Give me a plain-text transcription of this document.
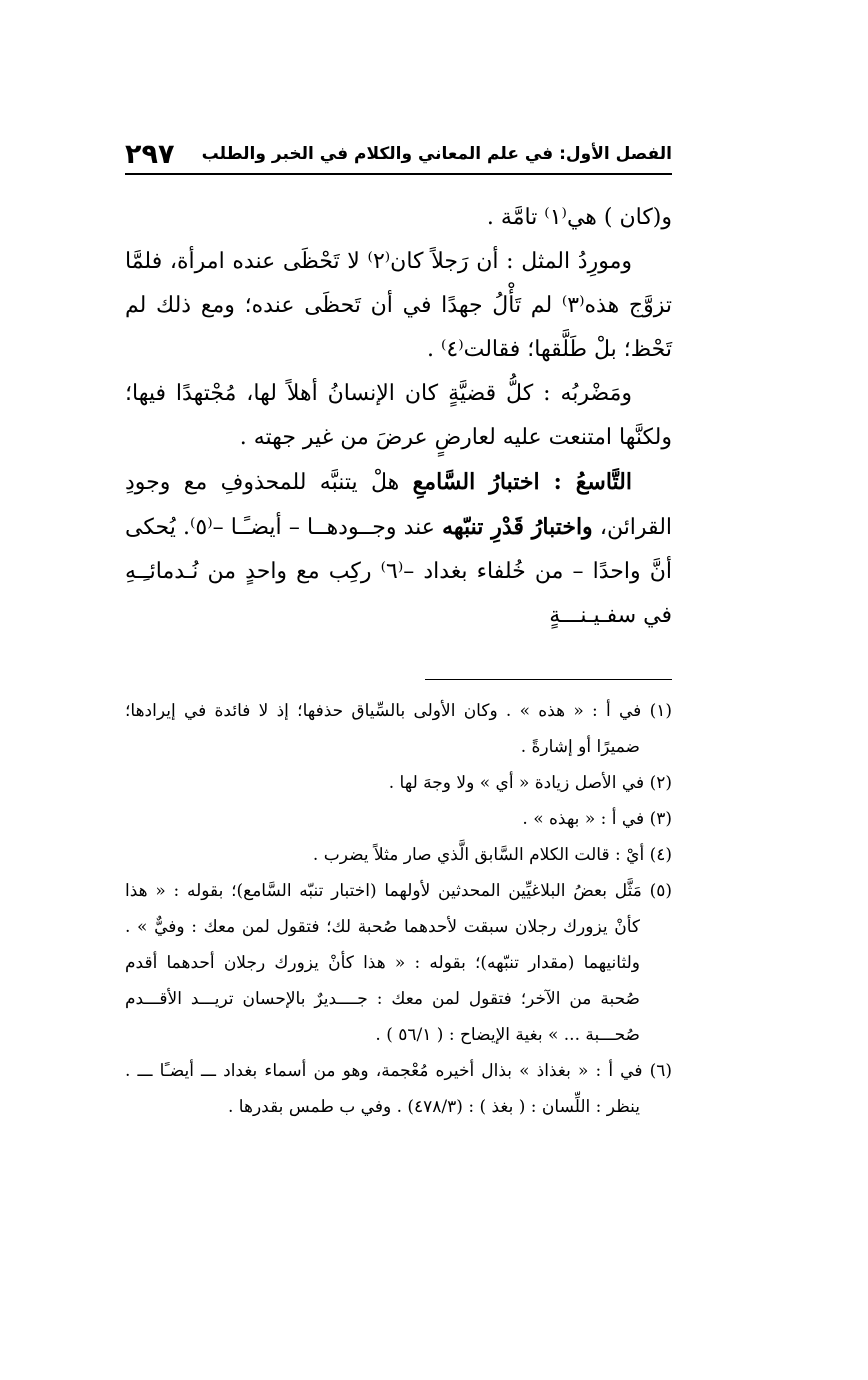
الفصل الأول: في علم المعاني والكلام في الخبر والطلب
٢٩٧

و(كان ) هي⁽١⁾ تامَّة .

ومورِدُ المثل : أن رَجلاً كان⁽٢⁾ لا تَحْظَى عنده امرأة، فلمَّا تزوَّج هذه⁽٣⁾ لم تَأْلُ جهدًا في أن تَحظَى عنده؛ ومع ذلك لم تَحْظ؛ بلْ طَلَّقها؛ فقالت⁽٤⁾ .

ومَضْربُه : كلُّ قضيَّةٍ كان الإنسانُ أهلاً لها، مُجْتهدًا فيها؛ ولكنَّها امتنعت عليه لعارضٍ عرضَ من غير جهته .

التَّاسعُ : اختبارُ السَّامعِ هلْ يتنبَّه للمحذوفِ مع وجودِ القرائن، واختبارُ قَدْرِ تنبّهه عند وجــودهــا – أيضـًـا –⁽٥⁾. يُحكى أنَّ واحدًا – من خُلفاء بغداد –⁽٦⁾ ركِب مع واحدٍ من نُـدمائـِـهِ في سفـيـنـــةٍ

(١) في أ : « هذه » . وكان الأولى بالسِّياق حذفها؛ إذ لا فائدة في إيرادها؛ ضميرًا أو إشارةً .

(٢) في الأصل زيادة « أي » ولا وجهَ لها .

(٣) في أ : « بهذه » .

(٤) أيْ : قالت الكلام السَّابق الَّذي صار مثلاً يضرب .

(٥) مَثَّل بعضُ البلاغيِّين المحدثين لأولهما (اختبار تنبّه السَّامع)؛ بقوله : « هذا كأنْ يزورك رجلان سبقت لأحدهما صُحبة لك؛ فتقول لمن معك : وفيٌّ » . ولثانيهما (مقدار تنبّهه)؛ بقوله : « هذا كأنْ يزورك رجلان أحدهما أقدم صُحبة من الآخر؛ فتقول لمن معك : جــــديرٌ بالإحسان تريـــد الأقـــدم صُحـــبة ... » بغية الإيضاح : ( ٥٦/١ ) .

(٦) في أ : « بغذاذ » بذال أخيره مُعْجمة، وهو من أسماء بغداد ـــ أيضـًا ـــ . ينظر : اللِّسان : ( بغذ ) : (٤٧٨/٣) . وفي ب طمس بقدرها .
